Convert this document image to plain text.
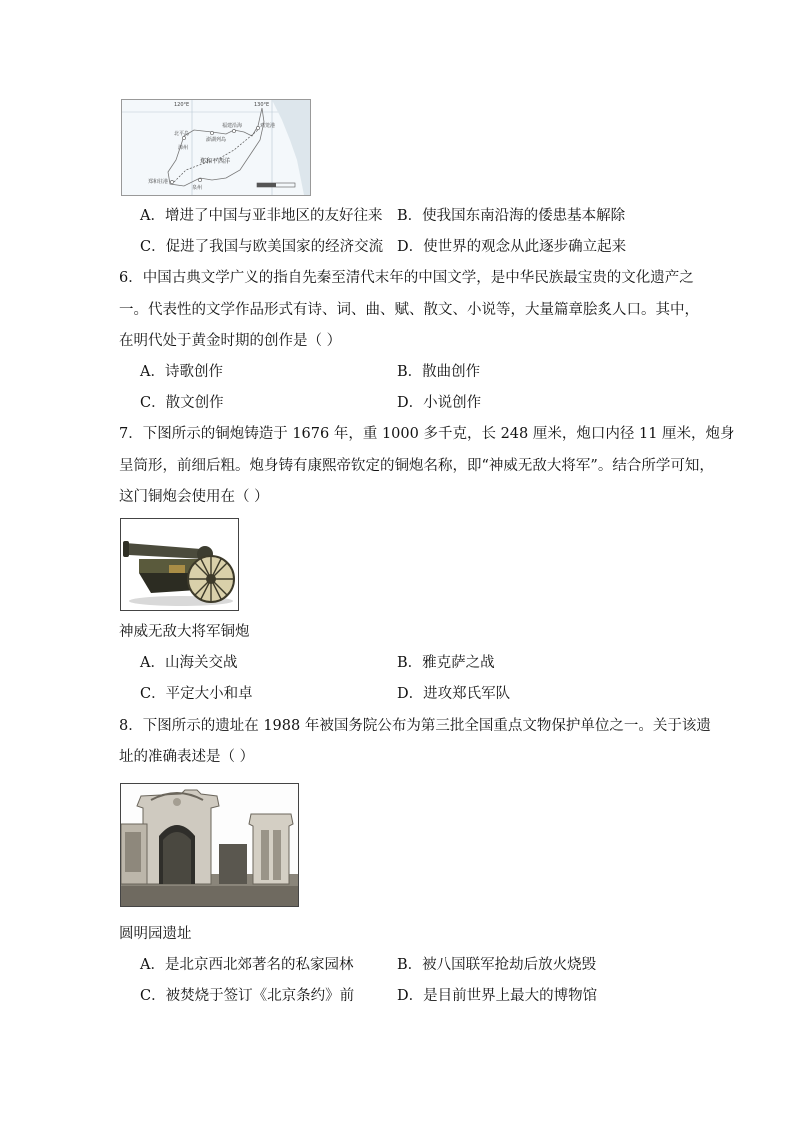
120°E	130°E
北平岛
澎湖列岛
福建沿海	鸡笼港
郑和驻港
泉州
漳州
郑和下西洋
A．增进了中国与亚非地区的友好往来 B．使我国东南沿海的倭患基本解除
C．促进了我国与欧美国家的经济交流 D．使世界的观念从此逐步确立起来
6．中国古典文学广义的指自先秦至清代末年的中国文学，是中华民族最宝贵的文化遗产之
一。代表性的文学作品形式有诗、词、曲、赋、散文、小说等，大量篇章脍炙人口。其中，
在明代处于黄金时期的创作是（ ）
A．诗歌创作	B．散曲创作
C．散文创作	D．小说创作
7．下图所示的铜炮铸造于 1676 年，重 1000 多千克，长 248 厘米，炮口内径 11 厘米，炮身
呈筒形，前细后粗。炮身铸有康熙帝钦定的铜炮名称，即“神威无敌大将军”。结合所学可知，
这门铜炮会使用在（ ）
神威无敌大将军铜炮
A．山海关交战	B．雅克萨之战
C．平定大小和卓	D．进攻郑氏军队
8．下图所示的遗址在 1988 年被国务院公布为第三批全国重点文物保护单位之一。关于该遗
址的准确表述是（ ）
圆明园遗址
A．是北京西北郊著名的私家园林	B．被八国联军抢劫后放火烧毁
C．被焚烧于签订《北京条约》前	D．是目前世界上最大的博物馆
